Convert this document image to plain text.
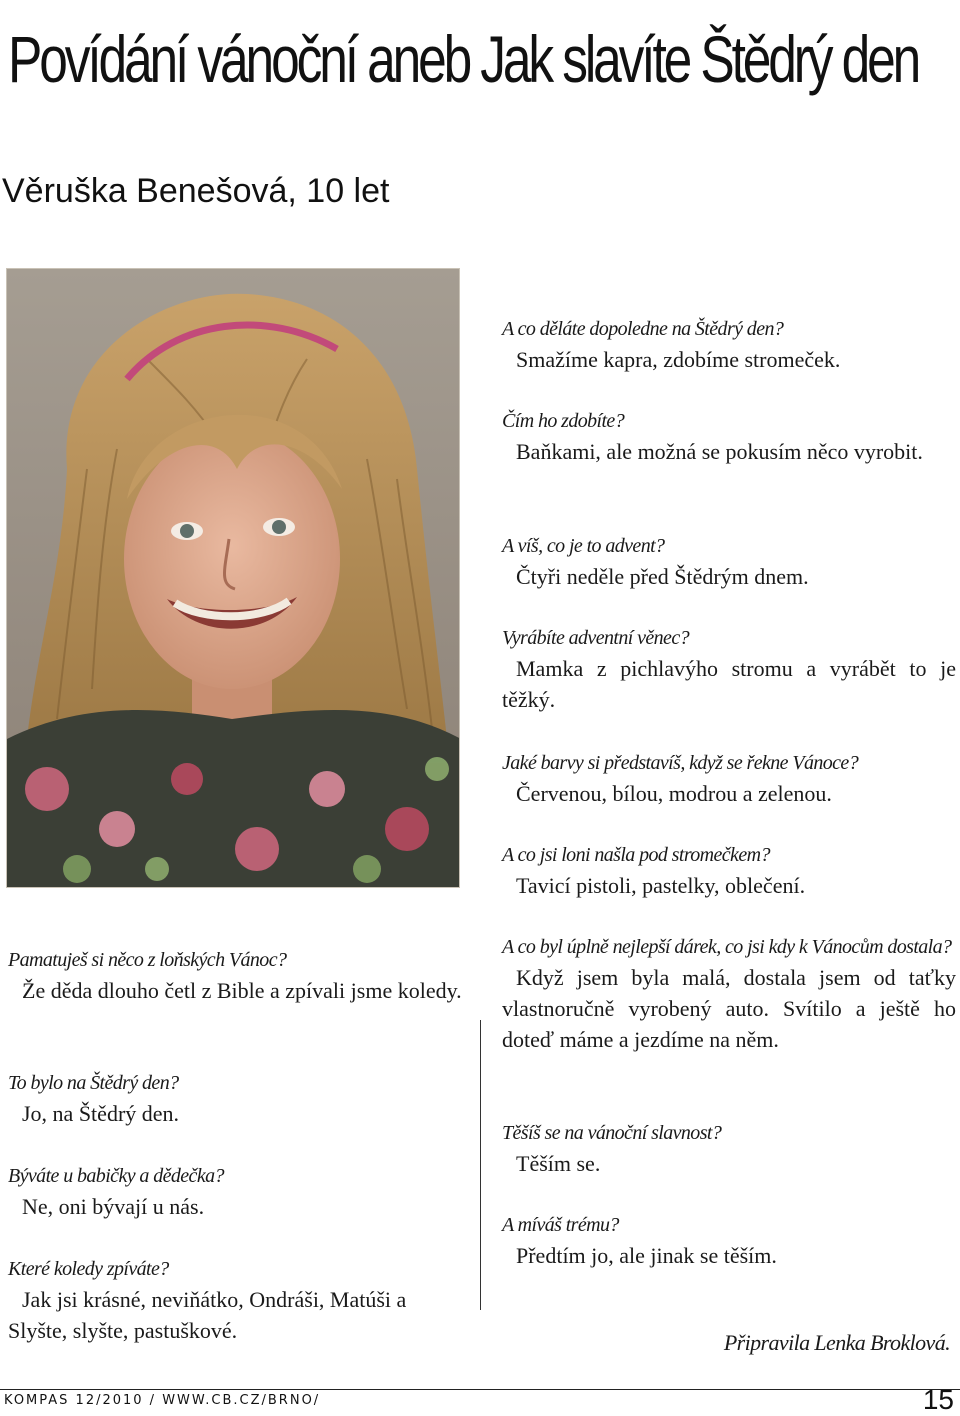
Povídání vánoční aneb Jak slavíte Štědrý den
Věruška Benešová, 10 let

A co děláte dopoledne na Štědrý den?

Smažíme kapra, zdobíme stromeček.

Čím ho zdobíte?

Baňkami, ale možná se pokusím něco vyrobit.

A víš, co je to advent?

Čtyři neděle před Štědrým dnem.

Vyrábíte adventní věnec?

Mamka z pichlavýho stromu a vyrábět to je těžký.

Jaké barvy si představíš, když se řekne Vánoce?

Červenou, bílou, modrou a zelenou.

A co jsi loni našla pod stromečkem?

Tavicí pistoli, pastelky, oblečení.

A co byl úplně nejlepší dárek, co jsi kdy k Vánocům dostala?

Když jsem byla malá, dostala jsem od taťky vlastnoručně vyrobený auto. Svítilo a ještě ho doteď máme a jezdíme na něm.

Těšíš se na vánoční slavnost?

Těším se.

A míváš trému?

Předtím jo, ale jinak se těším.

Pamatuješ si něco z loňských Vánoc?

Že děda dlouho četl z Bible a zpívali jsme koledy.

To bylo na Štědrý den?

Jo, na Štědrý den.

Býváte u babičky a dědečka?

Ne, oni bývají u nás.

Které koledy zpíváte?

Jak jsi krásné, neviňátko, Ondráši, Matúši a Slyšte, slyšte, pastuškové.	Připravila Lenka Broklová.

KOMPAS 12/2010 / WWW.CB.CZ/BRNO/	15
